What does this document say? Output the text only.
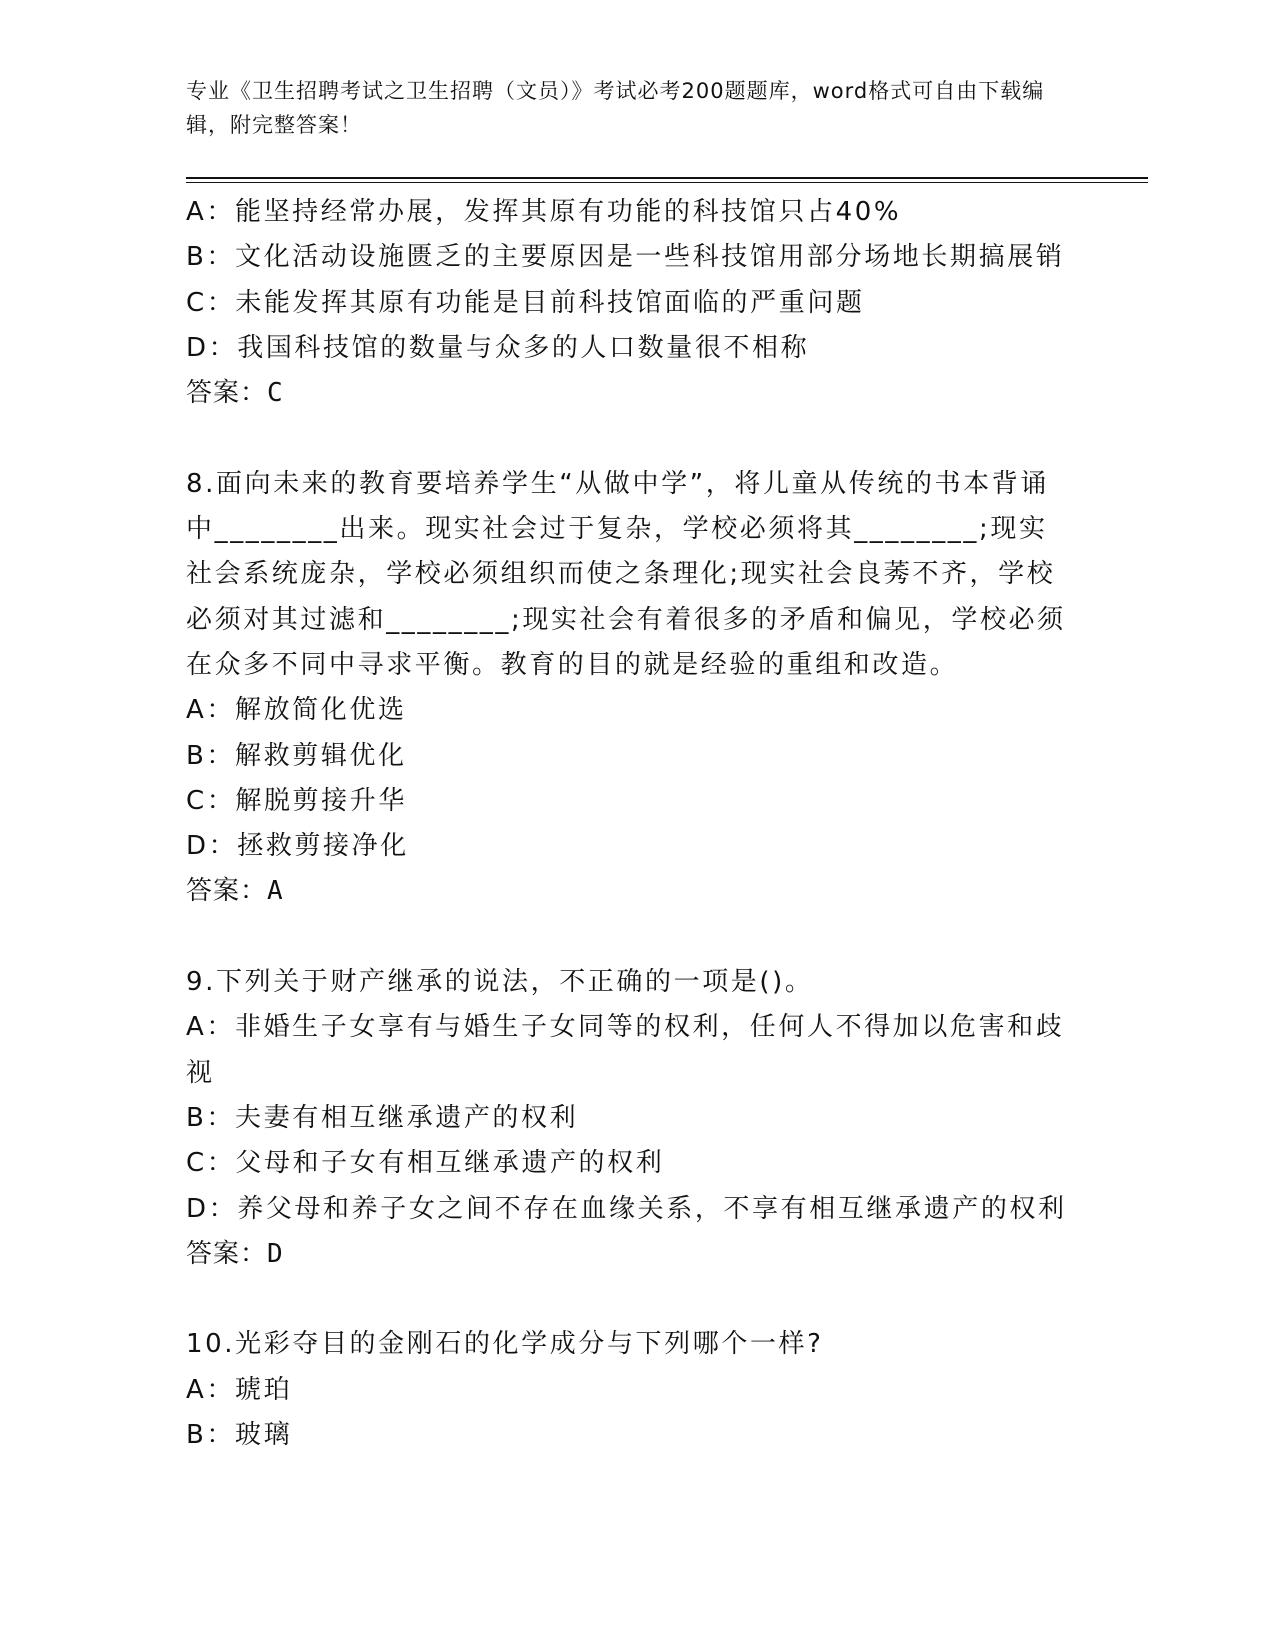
专业《卫生招聘考试之卫生招聘（文员）》考试必考200题题库，word格式可自由下载编辑，附完整答案！
A：能坚持经常办展，发挥其原有功能的科技馆只占40%
B：文化活动设施匮乏的主要原因是一些科技馆用部分场地长期搞展销
C：未能发挥其原有功能是目前科技馆面临的严重问题
D：我国科技馆的数量与众多的人口数量很不相称
答案：C
8.面向未来的教育要培养学生“从做中学”，将儿童从传统的书本背诵中________出来。现实社会过于复杂，学校必须将其________;现实社会系统庞杂，学校必须组织而使之条理化;现实社会良莠不齐，学校必须对其过滤和________;现实社会有着很多的矛盾和偏见，学校必须在众多不同中寻求平衡。教育的目的就是经验的重组和改造。
A：解放简化优选
B：解救剪辑优化
C：解脱剪接升华
D：拯救剪接净化
答案：A
9.下列关于财产继承的说法，不正确的一项是()。
A：非婚生子女享有与婚生子女同等的权利，任何人不得加以危害和歧视
B：夫妻有相互继承遗产的权利
C：父母和子女有相互继承遗产的权利
D：养父母和养子女之间不存在血缘关系，不享有相互继承遗产的权利
答案：D
10.光彩夺目的金刚石的化学成分与下列哪个一样?
A：琥珀
B：玻璃
